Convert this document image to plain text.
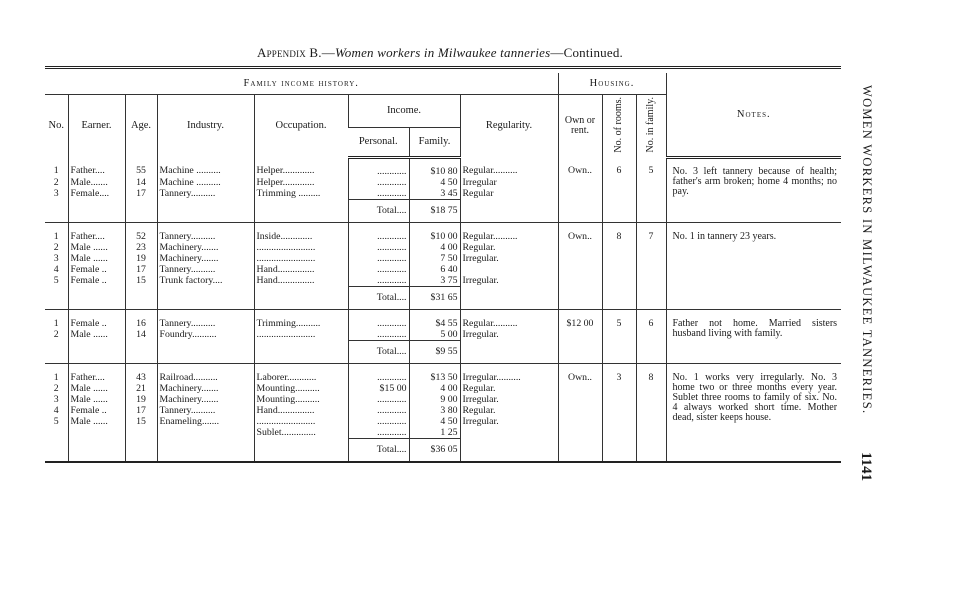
Appendix B.—Women workers in Milwaukee tanneries—Continued.
WOMEN WORKERS IN MILWAUKEE TANNERIES.
1141

Family income history.								Housing.			Notes.
No.	Earner.	Age.	Industry.	Occupation.	Income.		Regularity.	Own or rent.	No. of rooms.	No. in family.	
					Personal.	Family.					
1	Father....	55	Machine ..........	Helper.............	............	$10 80	Regular..........	Own..	6	5	No. 3 left tannery because of health; father's arm broken; home 4 months; no pay.
2	Male.......	14	Machine ..........	Helper.............	............	4 50	Irregular				
3	Female....	17	Tannery..........	Trimming .........	............	3 45	Regular				
					Total....	$18 75					

1	Father....	52	Tannery..........	Inside.............	............	$10 00	Regular..........	Own..	8	7	No. 1 in tannery 23 years.
2	Male ......	23	Machinery.......	........................	............	4 00	Regular.				
3	Male ......	19	Machinery.......	........................	............	7 50	Irregular.				
4	Female ..	17	Tannery..........	Hand...............	............	6 40					
5	Female ..	15	Trunk factory....	Hand...............	............	3 75	Irregular.				
					Total....	$31 65					

1	Female ..	16	Tannery..........	Trimming..........	............	$4 55	Regular..........	$12 00	5	6	Father not home. Married sisters husband living with family.
2	Male ......	14	Foundry..........	........................	............	5 00	Irregular.				
					Total....	$9 55					

1	Father....	43	Railroad..........	Laborer............	............	$13 50	Irregular..........	Own..	3	8	No. 1 works very irregularly. No. 3 home two or three months every year. Sublet three rooms to family of six. No. 4 always worked short time. Mother dead, sister keeps house.
2	Male ......	21	Machinery.......	Mounting..........	$15 00	4 00	Regular.				
3	Male ......	19	Machinery.......	Mounting..........	............	9 00	Irregular.				
4	Female ..	17	Tannery..........	Hand...............	............	3 80	Regular.				
5	Male ......	15	Enameling.......	........................	............	4 50	Irregular.				
				Sublet..............	............	1 25					
					Total....	$36 05					
